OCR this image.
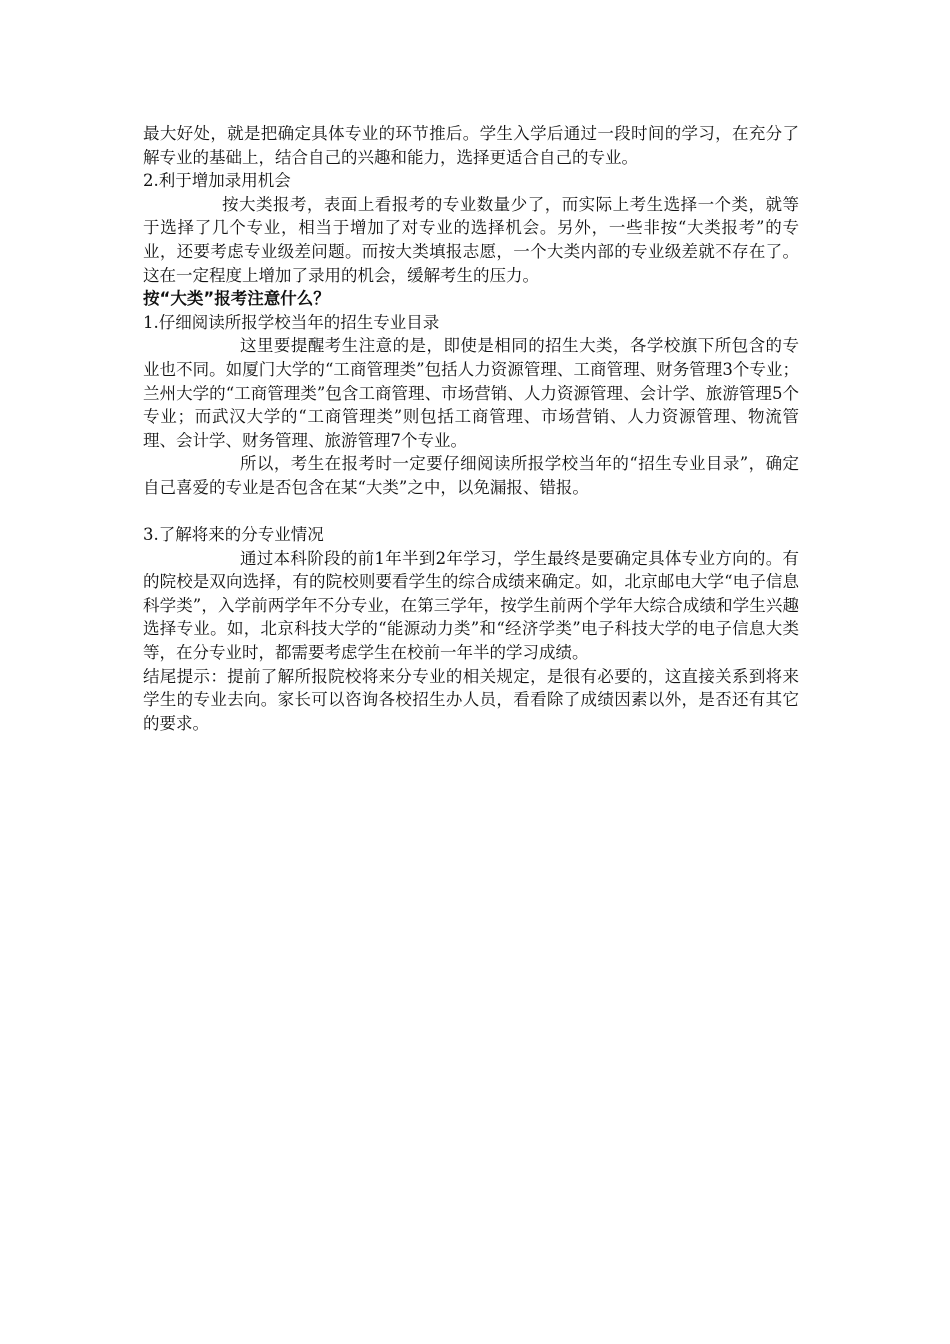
最大好处，就是把确定具体专业的环节推后。学生入学后通过一段时间的学习，在充分了解专业的基础上，结合自己的兴趣和能力，选择更适合自己的专业。

2.利于增加录用机会

按大类报考，表面上看报考的专业数量少了，而实际上考生选择一个类，就等于选择了几个专业，相当于增加了对专业的选择机会。另外，一些非按“大类报考”的专业，还要考虑专业级差问题。而按大类填报志愿，一个大类内部的专业级差就不存在了。这在一定程度上增加了录用的机会，缓解考生的压力。

按“大类”报考注意什么？

1.仔细阅读所报学校当年的招生专业目录

这里要提醒考生注意的是，即使是相同的招生大类，各学校旗下所包含的专业也不同。如厦门大学的“工商管理类”包括人力资源管理、工商管理、财务管理3个专业；兰州大学的“工商管理类”包含工商管理、市场营销、人力资源管理、会计学、旅游管理5个专业；而武汉大学的“工商管理类”则包括工商管理、市场营销、人力资源管理、物流管理、会计学、财务管理、旅游管理7个专业。

所以，考生在报考时一定要仔细阅读所报学校当年的“招生专业目录”，确定自己喜爱的专业是否包含在某“大类”之中，以免漏报、错报。

3.了解将来的分专业情况

通过本科阶段的前1年半到2年学习，学生最终是要确定具体专业方向的。有的院校是双向选择，有的院校则要看学生的综合成绩来确定。如，北京邮电大学“电子信息科学类”，入学前两学年不分专业，在第三学年，按学生前两个学年大综合成绩和学生兴趣选择专业。如，北京科技大学的“能源动力类”和“经济学类”电子科技大学的电子信息大类等，在分专业时，都需要考虑学生在校前一年半的学习成绩。

结尾提示：提前了解所报院校将来分专业的相关规定，是很有必要的，这直接关系到将来学生的专业去向。家长可以咨询各校招生办人员，看看除了成绩因素以外，是否还有其它的要求。
